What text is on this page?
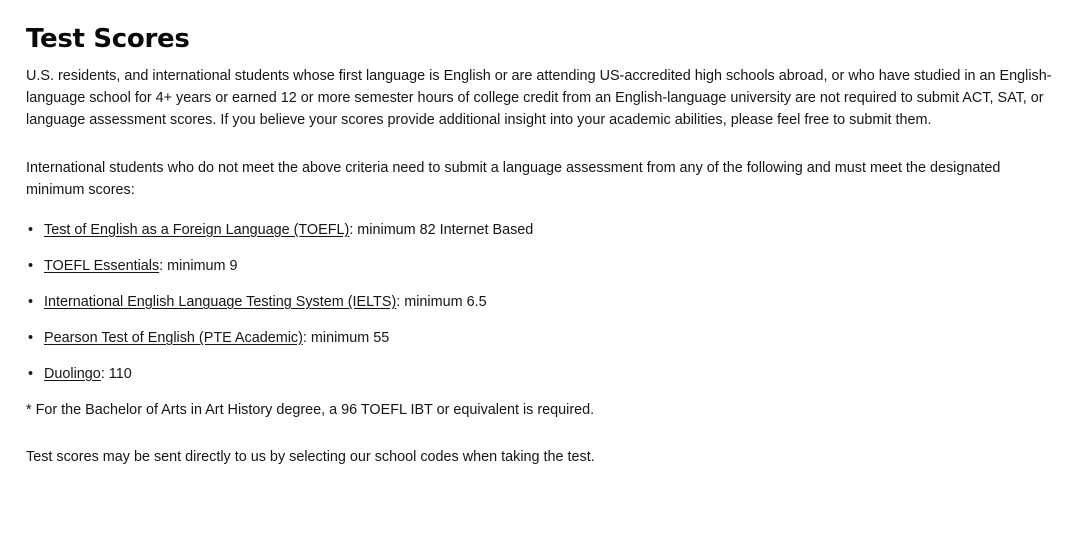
Test Scores

U.S. residents, and international students whose first language is English or are attending US-accredited high schools abroad, or who have studied in an English-language school for 4+ years or earned 12 or more semester hours of college credit from an English-language university are not required to submit ACT, SAT, or language assessment scores. If you believe your scores provide additional insight into your academic abilities, please feel free to submit them.

International students who do not meet the above criteria need to submit a language assessment from any of the following and must meet the designated minimum scores:

• Test of English as a Foreign Language (TOEFL): minimum 82 Internet Based
• TOEFL Essentials: minimum 9
• International English Language Testing System (IELTS): minimum 6.5
• Pearson Test of English (PTE Academic): minimum 55
• Duolingo: 110

* For the Bachelor of Arts in Art History degree, a 96 TOEFL IBT or equivalent is required.

Test scores may be sent directly to us by selecting our school codes when taking the test.
